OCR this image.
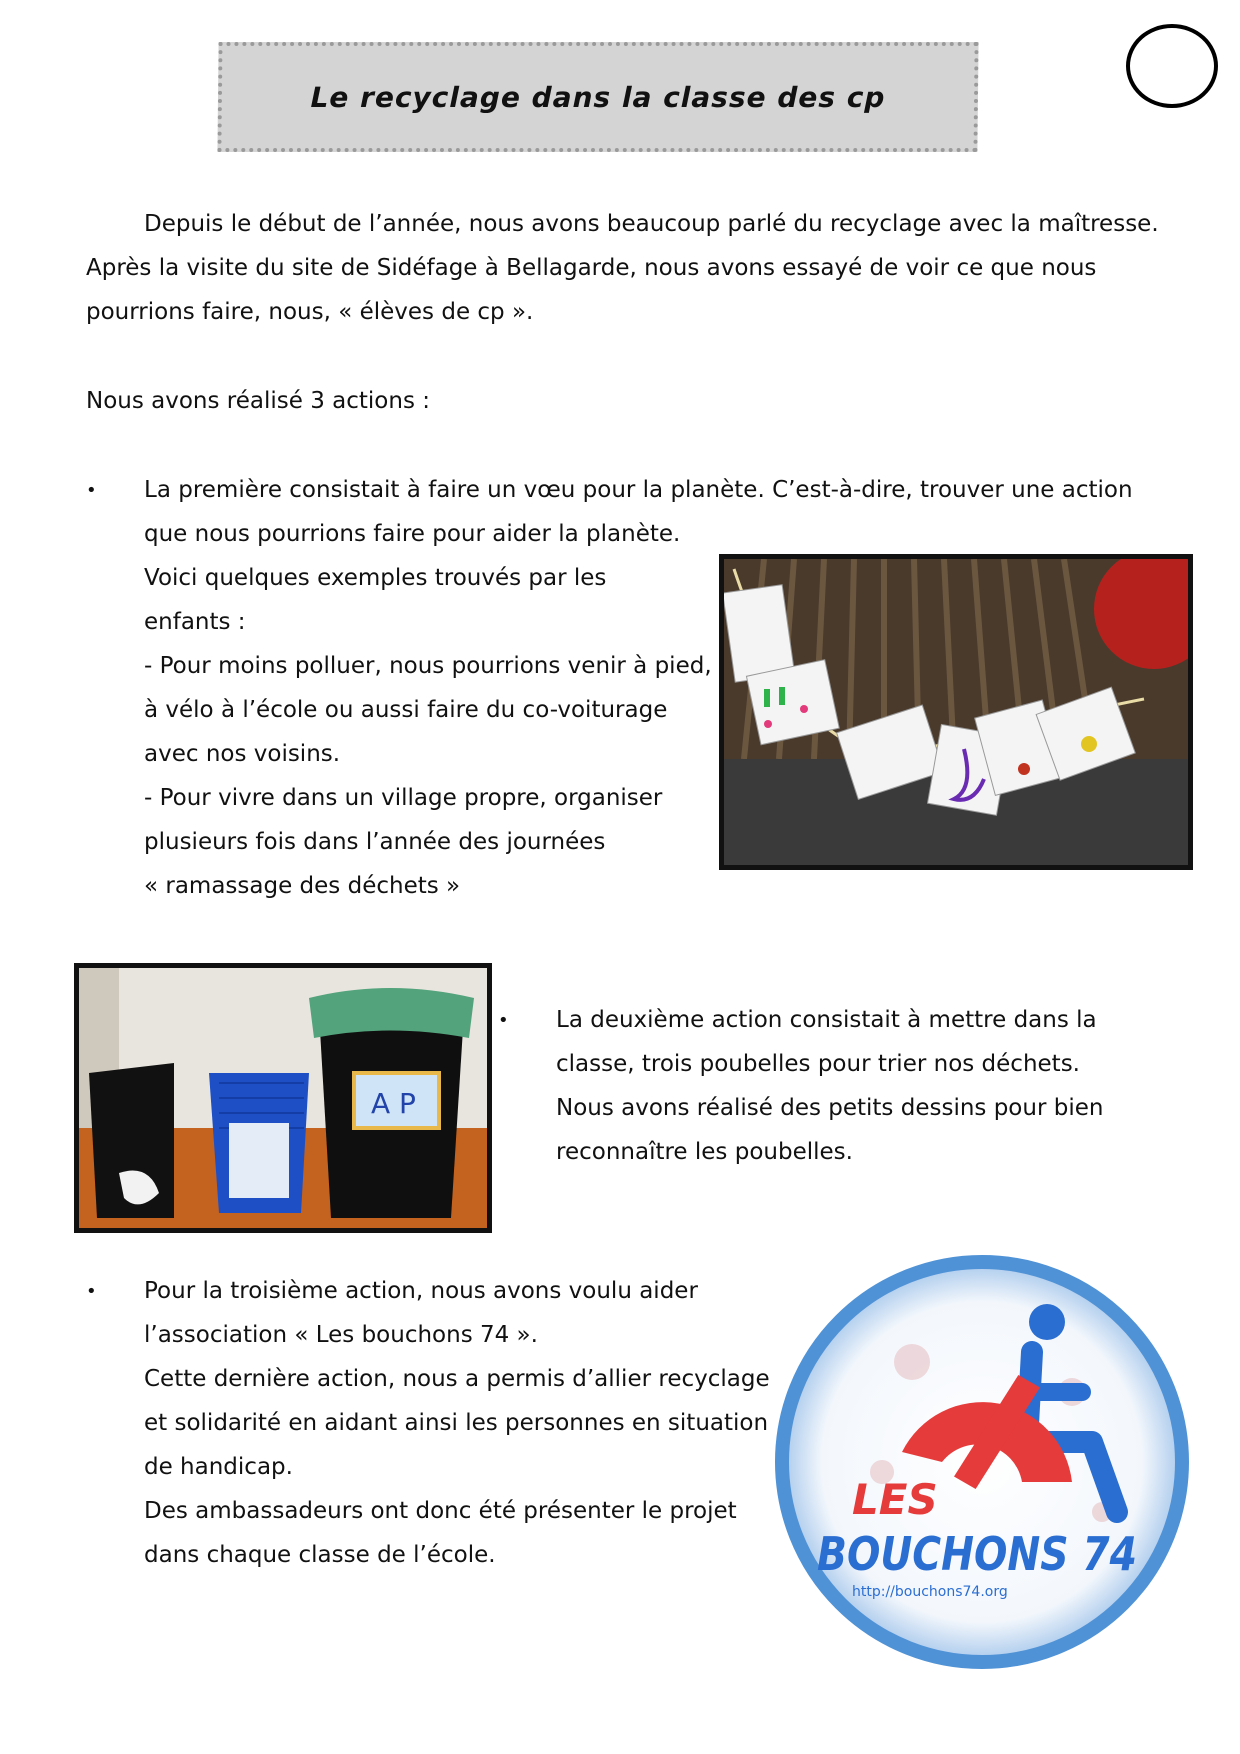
Le recyclage dans la classe des cp
Depuis le début de l’année, nous avons beaucoup parlé du recyclage avec la maîtresse.
Après la visite du site de Sidéfage à Bellagarde, nous avons essayé de voir ce que nous
pourrions faire, nous, « élèves de cp ».
Nous avons réalisé 3 actions :
• La première consistait à faire un vœu pour la planète. C’est-à-dire, trouver une action
que nous pourrions faire pour aider la planète.
Voici quelques exemples trouvés par les
enfants :
- Pour moins polluer, nous pourrions venir à pied,
à vélo à l’école ou aussi faire du co-voiturage
avec nos voisins.
- Pour vivre dans un village propre, organiser
plusieurs fois dans l’année des journées
« ramassage des déchets »
A P
• La deuxième action consistait à mettre dans la
classe, trois poubelles pour trier nos déchets.
Nous avons réalisé des petits dessins pour bien
reconnaître les poubelles.
• Pour la troisième action, nous avons voulu aider
l’association « Les bouchons 74 ».
Cette dernière action, nous a permis d’allier recyclage
et solidarité en aidant ainsi les personnes en situation
de handicap.
Des ambassadeurs ont donc été présenter le projet
dans chaque classe de l’école.
LES
BOUCHONS 74
http://bouchons74.org
